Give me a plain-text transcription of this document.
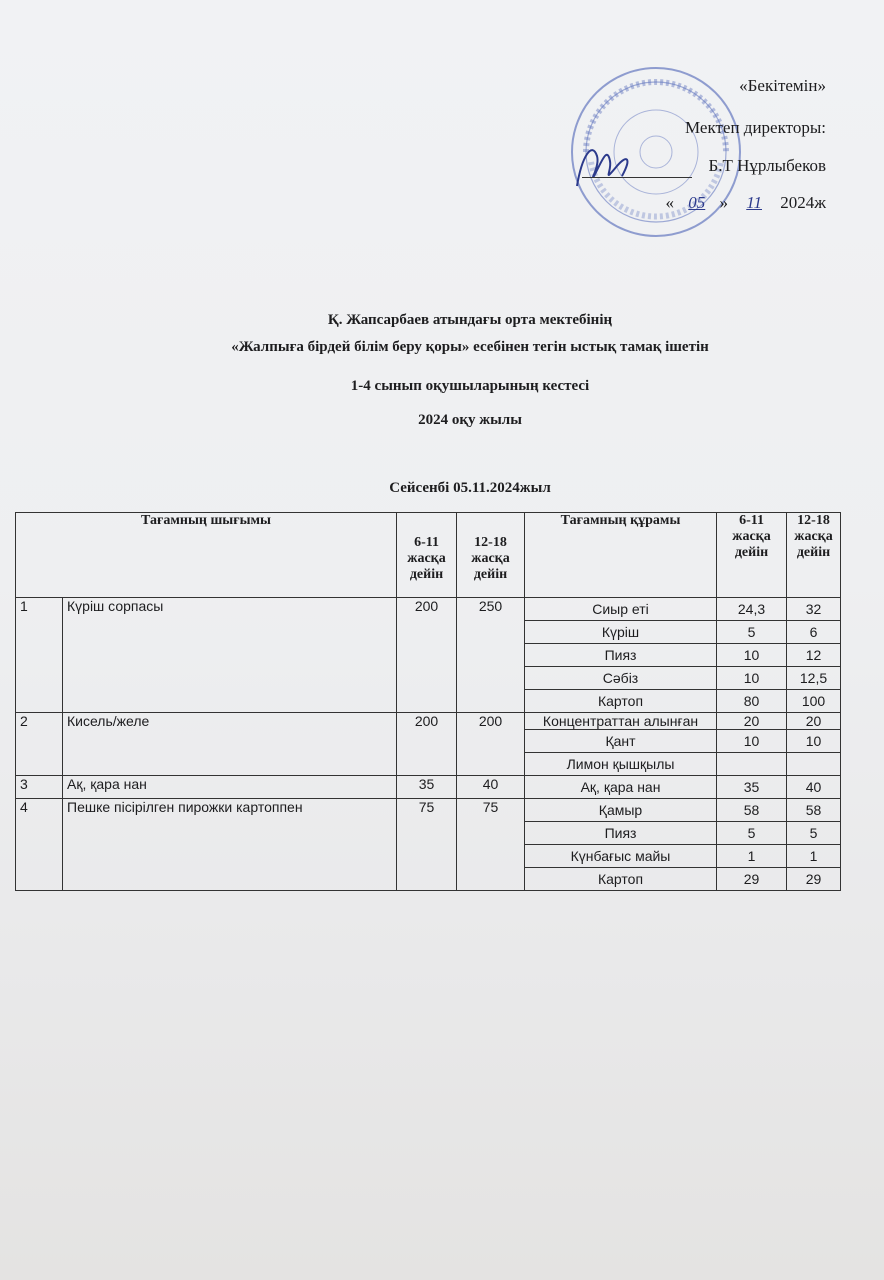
«Бекітемін»
Мектеп директоры:
Б.Т Нұрлыбеков
« 05 » 11 2024ж
Қ. Жапсарбаев атындағы орта мектебінің
«Жалпыға бірдей білім беру қоры» есебінен тегін ыстық тамақ ішетін
1-4 сынып оқушыларының кестесі
2024 оқу жылы
Сейсенбі 05.11.2024жыл
Тағамның шығымы		6-11 жасқа дейін	12-18 жасқа дейін	Тағамның құрамы	6-11 жасқа дейін	12-18 жасқа дейін
1	Күріш сорпасы	200	250	Сиыр еті	24,3	32
				Күріш	5	6
				Пияз	10	12
				Сәбіз	10	12,5
				Картоп	80	100
2	Кисель/желе	200	200	Концентраттан алынған	20	20
				Қант	10	10
				Лимон қышқылы		
3	Ақ, қара нан	35	40	Ақ, қара нан	35	40
4	Пешке пісірілген пирожки картоппен	75	75	Қамыр	58	58
				Пияз	5	5
				Күнбағыс майы	1	1
				Картоп	29	29
